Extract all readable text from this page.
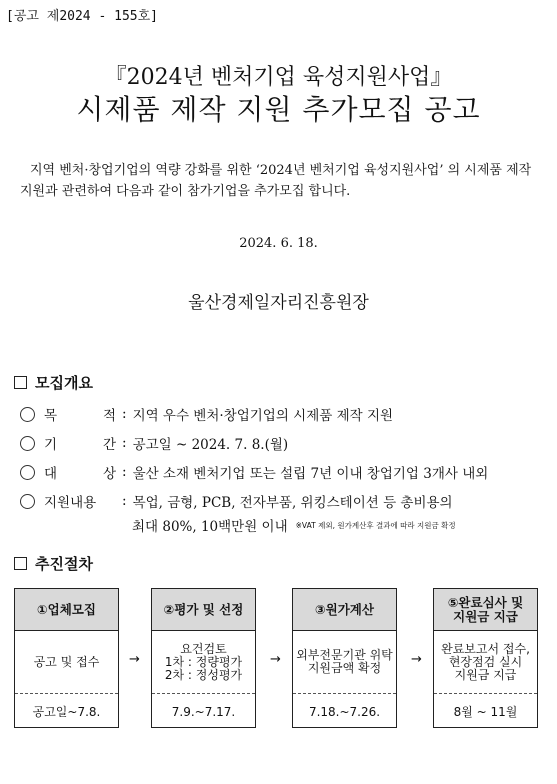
[공고 제2024 - 155호]
『2024년 벤처기업 육성지원사업』
시제품 제작 지원 추가모집 공고
지역 벤처·창업기업의 역량 강화를 위한 ‘2024년 벤처기업 육성지원사업’ 의 시제품 제작 지원과 관련하여 다음과 같이 참가기업을 추가모집 합니다.
2024. 6. 18.
울산경제일자리진흥원장
모집개요
목	적 : 지역 우수 벤처·창업기업의 시제품 제작 지원
기	간 : 공고일 ~ 2024. 7. 8.(월)
대	상 : 울산 소재 벤처기업 또는 설립 7년 이내 창업기업 3개사 내외
지원내용	: 목업, 금형, PCB, 전자부품, 위킹스테이션 등 총비용의
최대 80%, 10백만원 이내 ※VAT 제외, 원가계산후 결과에 따라 지원금 확정
추진절차
①업체모집
공고 및 접수
공고일~7.8.
→
②평가 및 선정
요건검토
1차 : 정량평가
2차 : 정성평가
7.9.~7.17.
→
③원가계산
외부전문기관 위탁
지원금액 확정
7.18.~7.26.
→
⑤완료심사 및
지원금 지급
완료보고서 접수,
현장점검 실시
지원금 지급
8월 ~ 11월
